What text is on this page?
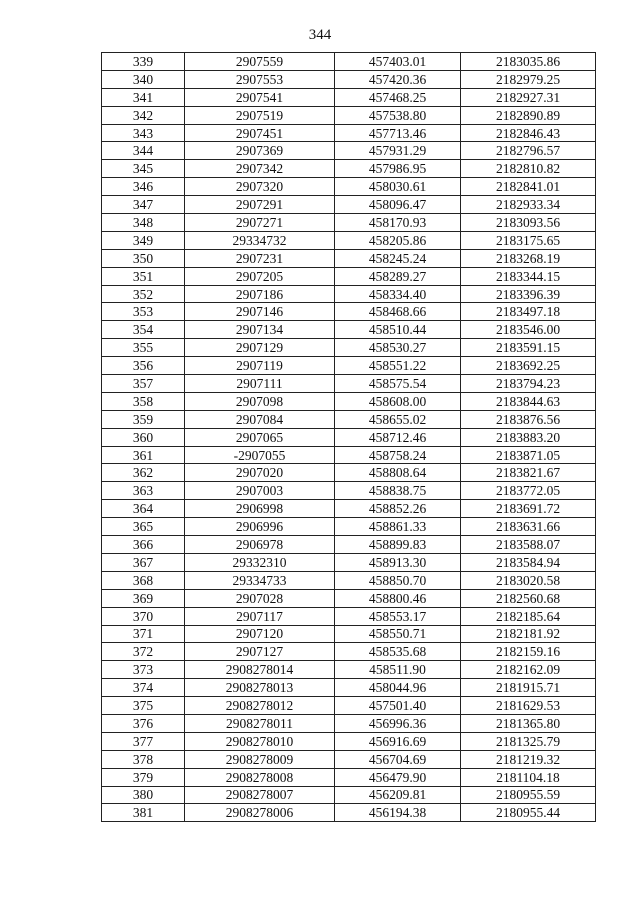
344
339	2907559	457403.01	2183035.86
340	2907553	457420.36	2182979.25
341	2907541	457468.25	2182927.31
342	2907519	457538.80	2182890.89
343	2907451	457713.46	2182846.43
344	2907369	457931.29	2182796.57
345	2907342	457986.95	2182810.82
346	2907320	458030.61	2182841.01
347	2907291	458096.47	2182933.34
348	2907271	458170.93	2183093.56
349	29334732	458205.86	2183175.65
350	2907231	458245.24	2183268.19
351	2907205	458289.27	2183344.15
352	2907186	458334.40	2183396.39
353	2907146	458468.66	2183497.18
354	2907134	458510.44	2183546.00
355	2907129	458530.27	2183591.15
356	2907119	458551.22	2183692.25
357	2907111	458575.54	2183794.23
358	2907098	458608.00	2183844.63
359	2907084	458655.02	2183876.56
360	2907065	458712.46	2183883.20
361	-2907055	458758.24	2183871.05
362	2907020	458808.64	2183821.67
363	2907003	458838.75	2183772.05
364	2906998	458852.26	2183691.72
365	2906996	458861.33	2183631.66
366	2906978	458899.83	2183588.07
367	29332310	458913.30	2183584.94
368	29334733	458850.70	2183020.58
369	2907028	458800.46	2182560.68
370	2907117	458553.17	2182185.64
371	2907120	458550.71	2182181.92
372	2907127	458535.68	2182159.16
373	2908278014	458511.90	2182162.09
374	2908278013	458044.96	2181915.71
375	2908278012	457501.40	2181629.53
376	2908278011	456996.36	2181365.80
377	2908278010	456916.69	2181325.79
378	2908278009	456704.69	2181219.32
379	2908278008	456479.90	2181104.18
380	2908278007	456209.81	2180955.59
381	2908278006	456194.38	2180955.44
